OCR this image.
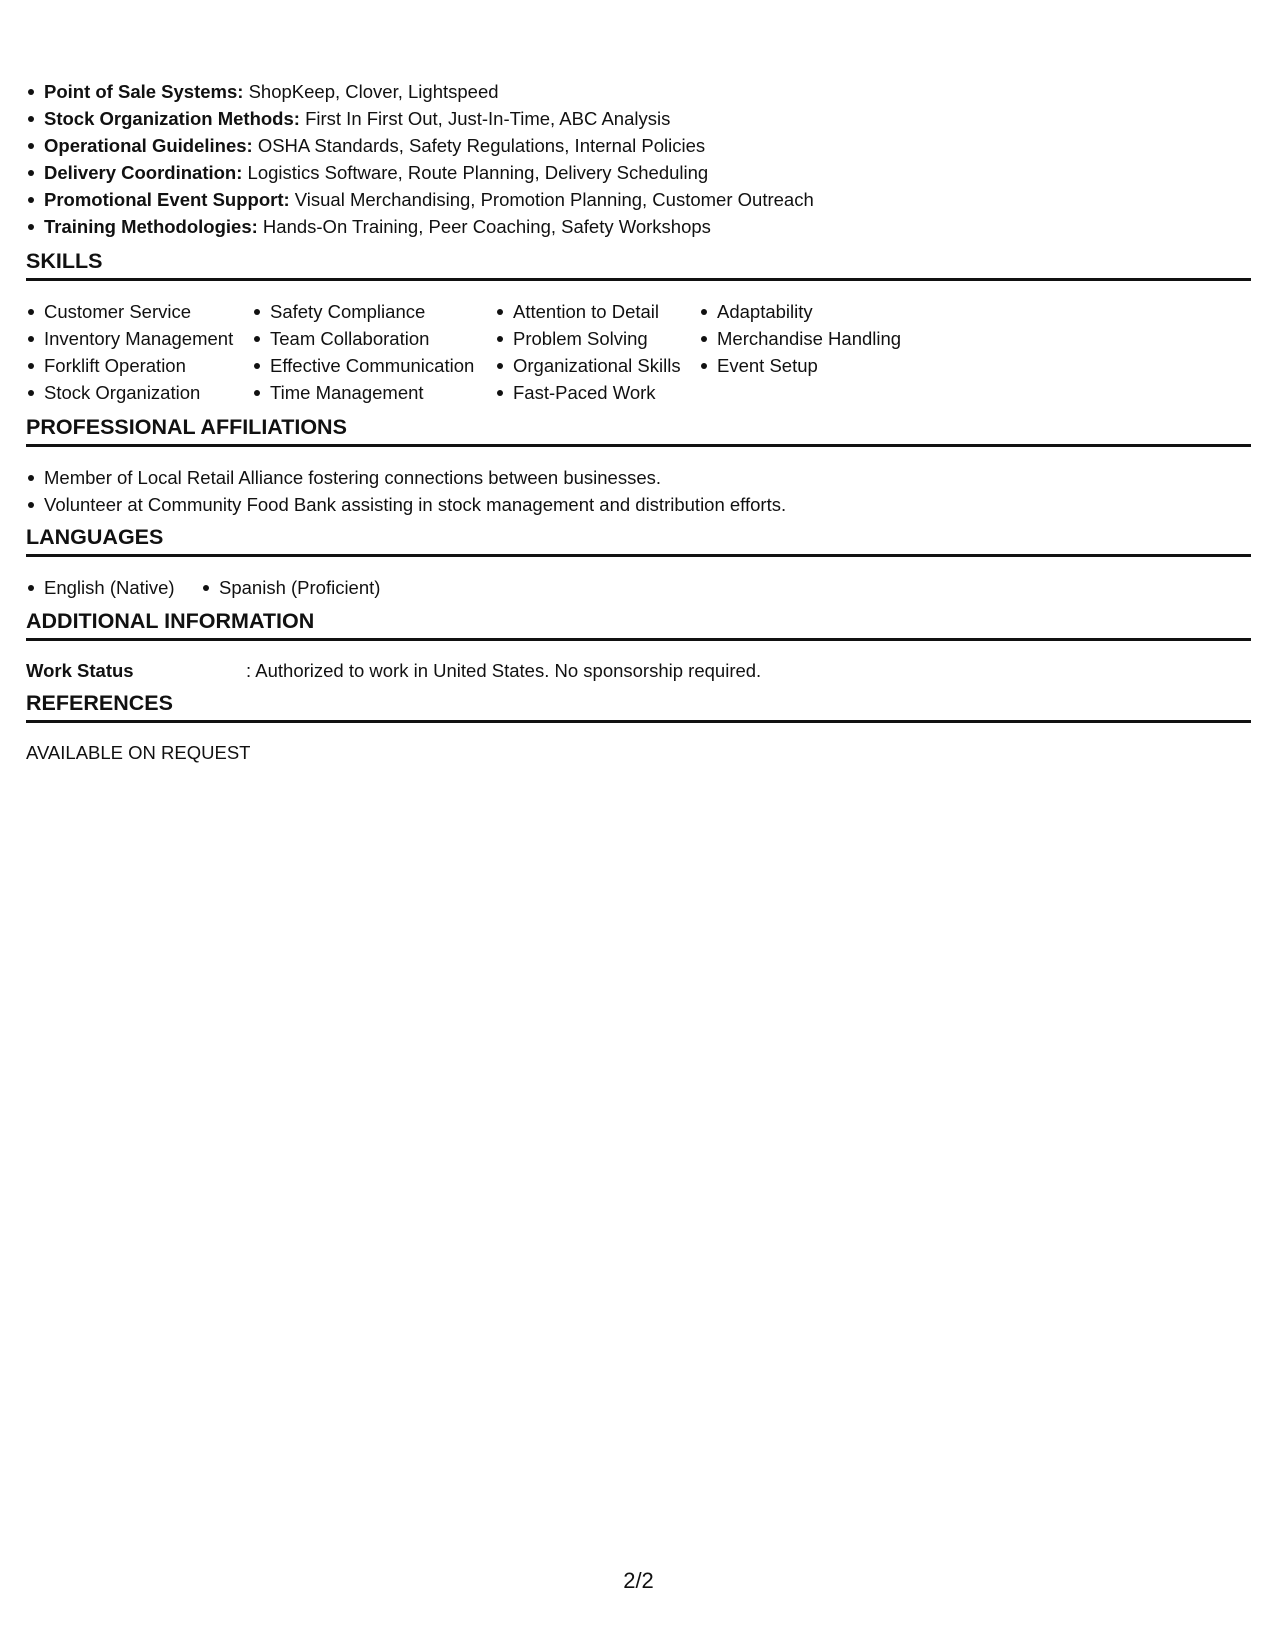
Point of Sale Systems: ShopKeep, Clover, Lightspeed
Stock Organization Methods: First In First Out, Just-In-Time, ABC Analysis
Operational Guidelines: OSHA Standards, Safety Regulations, Internal Policies
Delivery Coordination: Logistics Software, Route Planning, Delivery Scheduling
Promotional Event Support: Visual Merchandising, Promotion Planning, Customer Outreach
Training Methodologies: Hands-On Training, Peer Coaching, Safety Workshops
SKILLS
Customer Service
Inventory Management
Forklift Operation
Stock Organization
Safety Compliance
Team Collaboration
Effective Communication
Time Management
Attention to Detail
Problem Solving
Organizational Skills
Fast-Paced Work
Adaptability
Merchandise Handling
Event Setup
PROFESSIONAL AFFILIATIONS
Member of Local Retail Alliance fostering connections between businesses.
Volunteer at Community Food Bank assisting in stock management and distribution efforts.
LANGUAGES
English (Native)	Spanish (Proficient)
ADDITIONAL INFORMATION
Work Status	: Authorized to work in United States. No sponsorship required.
REFERENCES
AVAILABLE ON REQUEST
2/2
